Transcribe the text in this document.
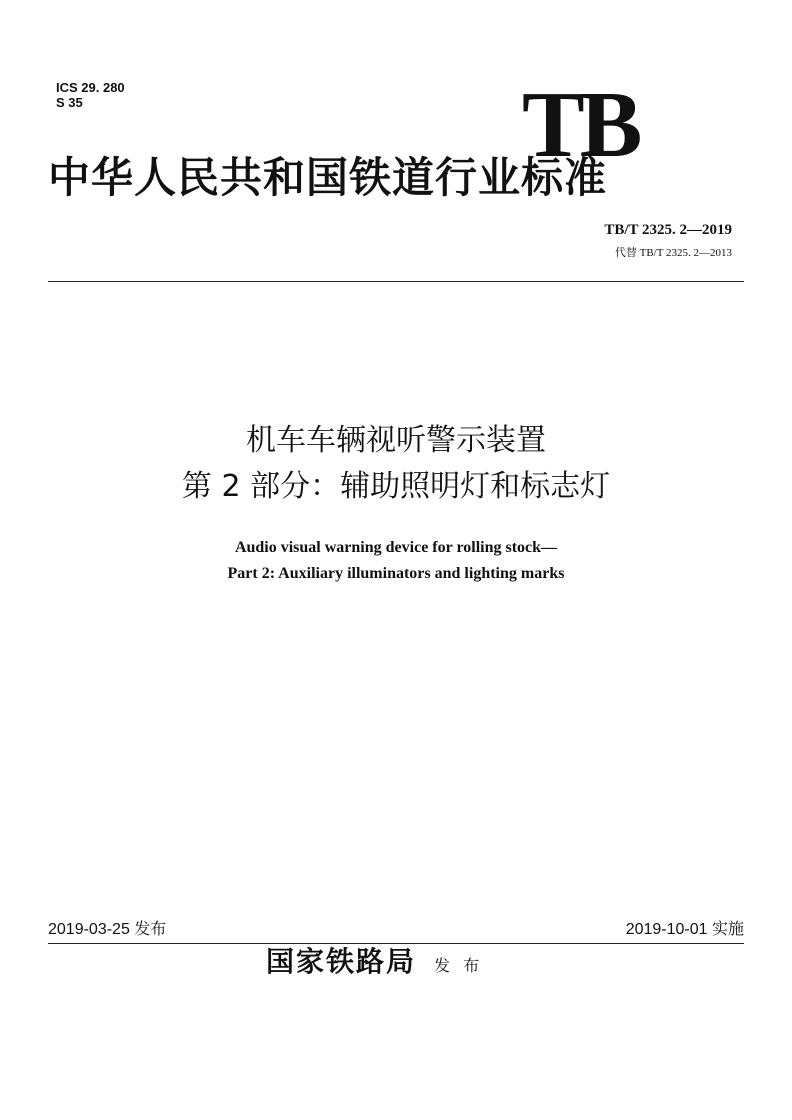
ICS 29. 280
S 35	TB
中华人民共和国铁道行业标准
TB/T 2325. 2—2019
代替 TB/T 2325. 2—2013
机车车辆视听警示装置
第 2 部分：辅助照明灯和标志灯
Audio visual warning device for rolling stock—
Part 2: Auxiliary illuminators and lighting marks
2019-03-25 发布	2019-10-01 实施
国家铁路局 发 布
